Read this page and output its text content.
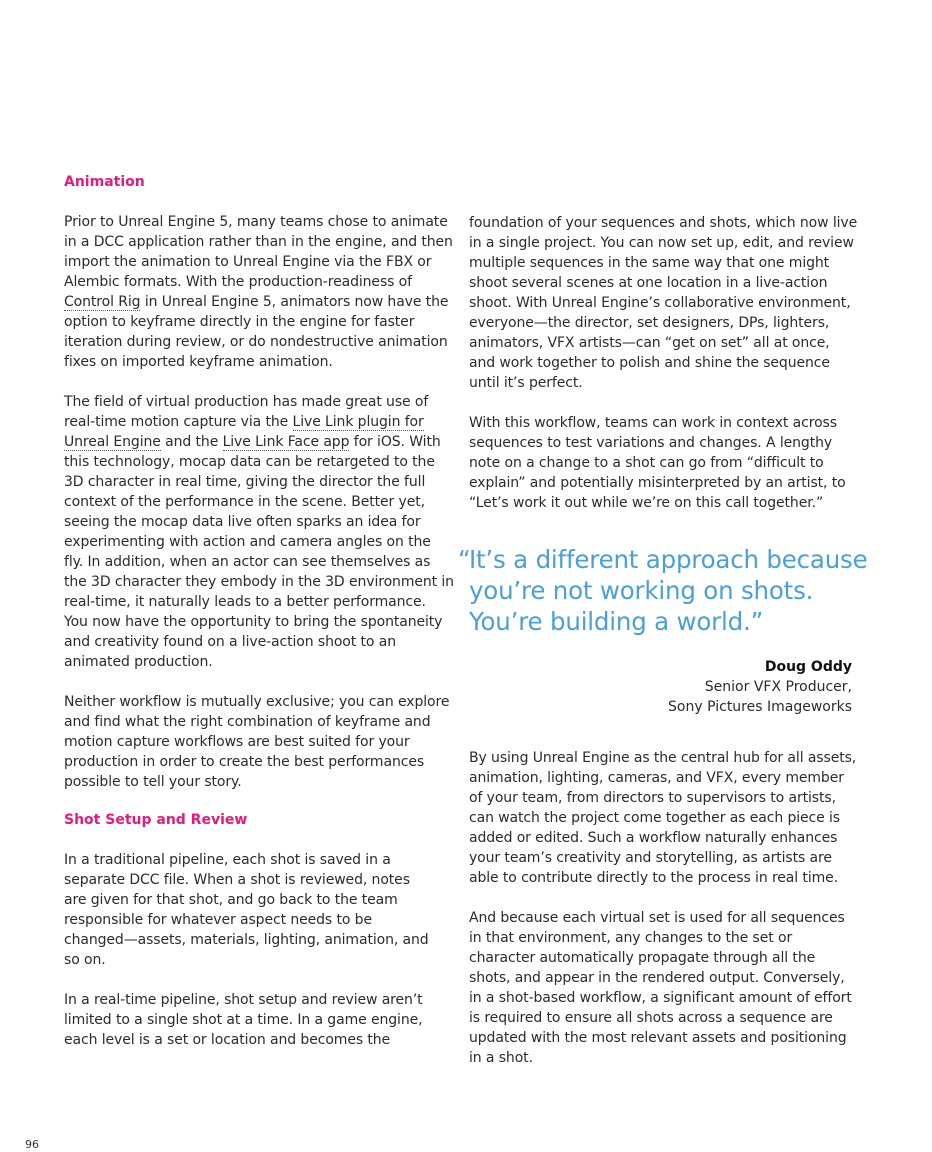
Animation

Prior to Unreal Engine 5, many teams chose to animate in a DCC application rather than in the engine, and then import the animation to Unreal Engine via the FBX or Alembic formats. With the production-readiness of Control Rig in Unreal Engine 5, animators now have the option to keyframe directly in the engine for faster iteration during review, or do nondestructive animation fixes on imported keyframe animation.

The field of virtual production has made great use of real-time motion capture via the Live Link plugin for Unreal Engine and the Live Link Face app for iOS. With this technology, mocap data can be retargeted to the 3D character in real time, giving the director the full context of the performance in the scene. Better yet, seeing the mocap data live often sparks an idea for experimenting with action and camera angles on the fly. In addition, when an actor can see themselves as the 3D character they embody in the 3D environment in real-time, it naturally leads to a better performance. You now have the opportunity to bring the spontaneity and creativity found on a live-action shoot to an animated production.

Neither workflow is mutually exclusive; you can explore and find what the right combination of keyframe and motion capture workflows are best suited for your production in order to create the best performances possible to tell your story.

Shot Setup and Review

In a traditional pipeline, each shot is saved in a separate DCC file. When a shot is reviewed, notes are given for that shot, and go back to the team responsible for whatever aspect needs to be changed—assets, materials, lighting, animation, and so on.

In a real-time pipeline, shot setup and review aren’t limited to a single shot at a time. In a game engine, each level is a set or location and becomes the

foundation of your sequences and shots, which now live in a single project. You can now set up, edit, and review multiple sequences in the same way that one might shoot several scenes at one location in a live-action shoot. With Unreal Engine’s collaborative environment, everyone—the director, set designers, DPs, lighters, animators, VFX artists—can “get on set” all at once, and work together to polish and shine the sequence until it’s perfect.

With this workflow, teams can work in context across sequences to test variations and changes. A lengthy note on a change to a shot can go from “difficult to explain” and potentially misinterpreted by an artist, to “Let’s work it out while we’re on this call together.”

“
It’s a different approach because you’re not working on shots. You’re building a world.”
Doug Oddy
Senior VFX Producer,
Sony Pictures Imageworks

By using Unreal Engine as the central hub for all assets, animation, lighting, cameras, and VFX, every member of your team, from directors to supervisors to artists, can watch the project come together as each piece is added or edited. Such a workflow naturally enhances your team’s creativity and storytelling, as artists are able to contribute directly to the process in real time.

And because each virtual set is used for all sequences in that environment, any changes to the set or character automatically propagate through all the shots, and appear in the rendered output. Conversely, in a shot-based workflow, a significant amount of effort is required to ensure all shots across a sequence are updated with the most relevant assets and positioning in a shot.

96
